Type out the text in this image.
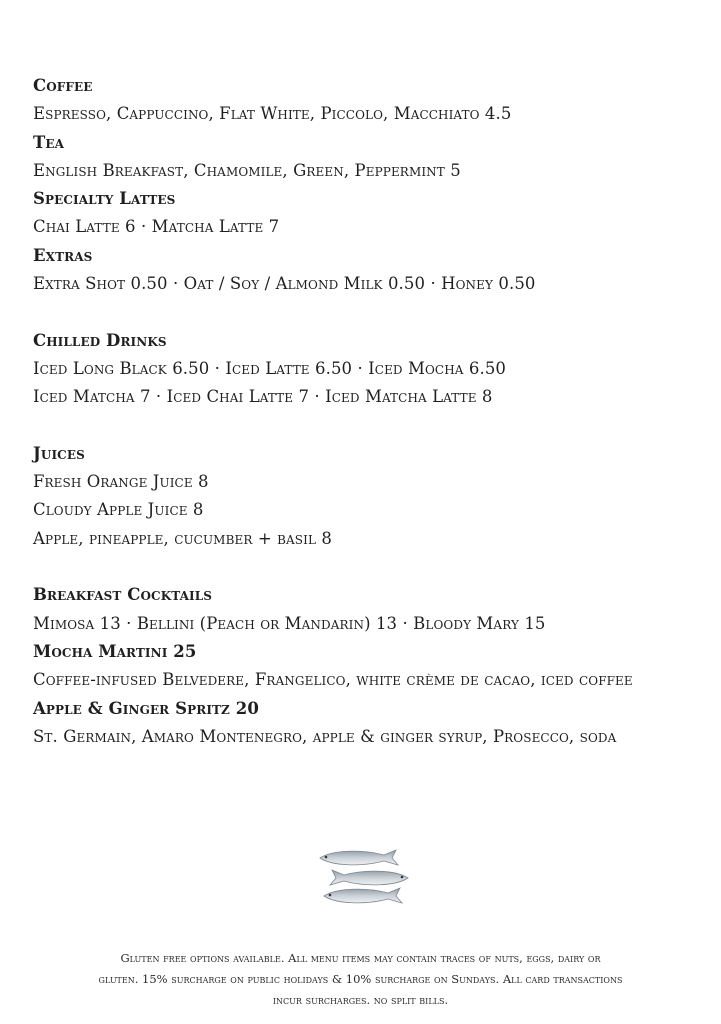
Coffee
Espresso, Cappuccino, Flat White, Piccolo, Macchiato 4.5
Tea
English Breakfast, Chamomile, Green, Peppermint 5
Specialty Lattes
Chai Latte 6 · Matcha Latte 7
Extras
Extra Shot 0.50 · Oat / Soy / Almond Milk 0.50 · Honey 0.50
Chilled Drinks
Iced Long Black 6.50 · Iced Latte 6.50 · Iced Mocha 6.50
Iced Matcha 7 · Iced Chai Latte 7 · Iced Matcha Latte 8
Juices
Fresh Orange Juice 8
Cloudy Apple Juice 8
Apple, pineapple, cucumber + basil 8
Breakfast Cocktails
Mimosa 13 · Bellini (Peach or Mandarin) 13 · Bloody Mary 15
Mocha Martini 25
Coffee-infused Belvedere, Frangelico, white crème de cacao, iced coffee
Apple & Ginger Spritz 20
St. Germain, Amaro Montenegro, apple & ginger syrup, Prosecco, soda
Gluten free options available. All menu items may contain traces of nuts, eggs, dairy or
gluten. 15% surcharge on public holidays & 10% surcharge on Sundays. All card transactions
incur surcharges. no split bills.
